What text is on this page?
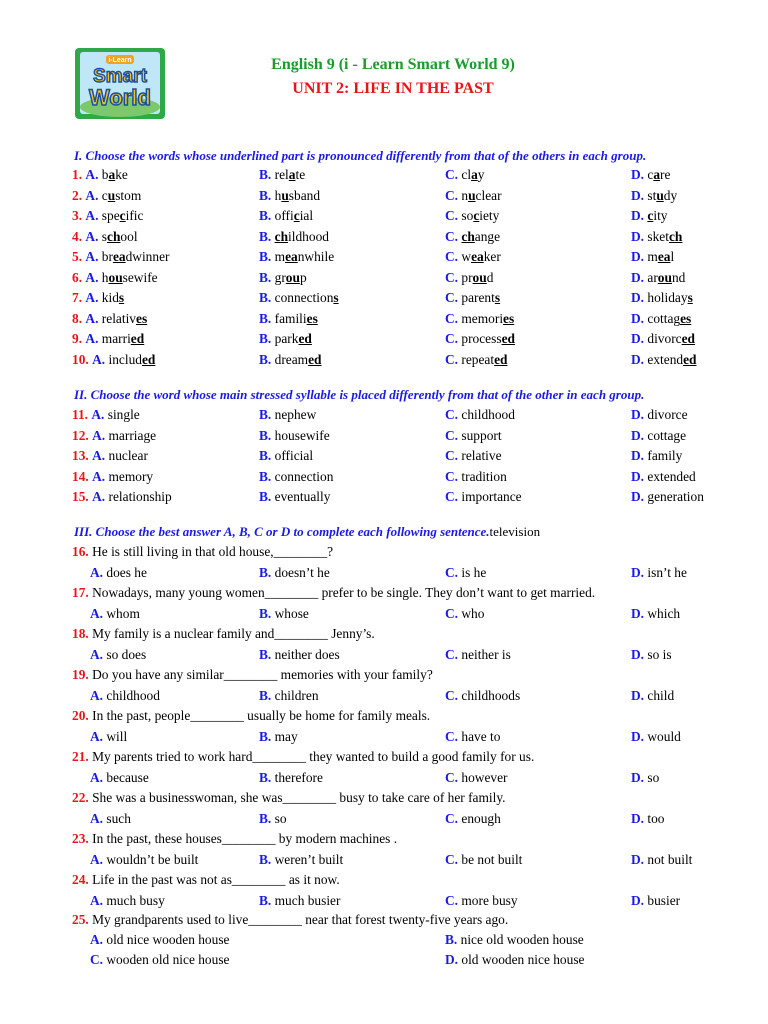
i-Learn
Smart
World
English 9 (i - Learn Smart World 9)
UNIT 2: LIFE IN THE PAST
I. Choose the words whose underlined part is pronounced differently from that of the others in each group.
1. A. bake	B. relate	C. clay	D. care
2. A. custom	B. husband	C. nuclear	D. study
3. A. specific	B. official	C. society	D. city
4. A. school	B. childhood	C. change	D. sketch
5. A. breadwinner	B. meanwhile	C. weaker	D. meal
6. A. housewife	B. group	C. proud	D. around
7. A. kids	B. connections	C. parents	D. holidays
8. A. relatives	B. families	C. memories	D. cottages
9. A. married	B. parked	C. processed	D. divorced
10. A. included	B. dreamed	C. repeated	D. extended
II. Choose the word whose main stressed syllable is placed differently from that of the other in each group.
11. A. single	B. nephew	C. childhood	D. divorce
12. A. marriage	B. housewife	C. support	D. cottage
13. A. nuclear	B. official	C. relative	D. family
14. A. memory	B. connection	C. tradition	D. extended
15. A. relationship	B. eventually	C. importance	D. generation
III. Choose the best answer A, B, C or D to complete each following sentence.television
16. He is still living in that old house,________?
A. does he	B. doesn’t he	C. is he	D. isn’t he
17. Nowadays, many young women________ prefer to be single. They don’t want to get married.
A. whom	B. whose	C. who	D. which
18. My family is a nuclear family and________ Jenny’s.
A. so does	B. neither does	C. neither is	D. so is
19. Do you have any similar________ memories with your family?
A. childhood	B. children	C. childhoods	D. child
20. In the past, people________ usually be home for family meals.
A. will	B. may	C. have to	D. would
21. My parents tried to work hard________ they wanted to build a good family for us.
A. because	B. therefore	C. however	D. so
22. She was a businesswoman, she was________ busy to take care of her family.
A. such	B. so	C. enough	D. too
23. In the past, these houses________ by modern machines .
A. wouldn’t be built	B. weren’t built	C. be not built	D. not built
24. Life in the past was not as________ as it now.
A. much busy	B. much busier	C. more busy	D. busier
25. My grandparents used to live________ near that forest twenty-five years ago.
A. old nice wooden house	B. nice old wooden house
C. wooden old nice house	D. old wooden nice house
